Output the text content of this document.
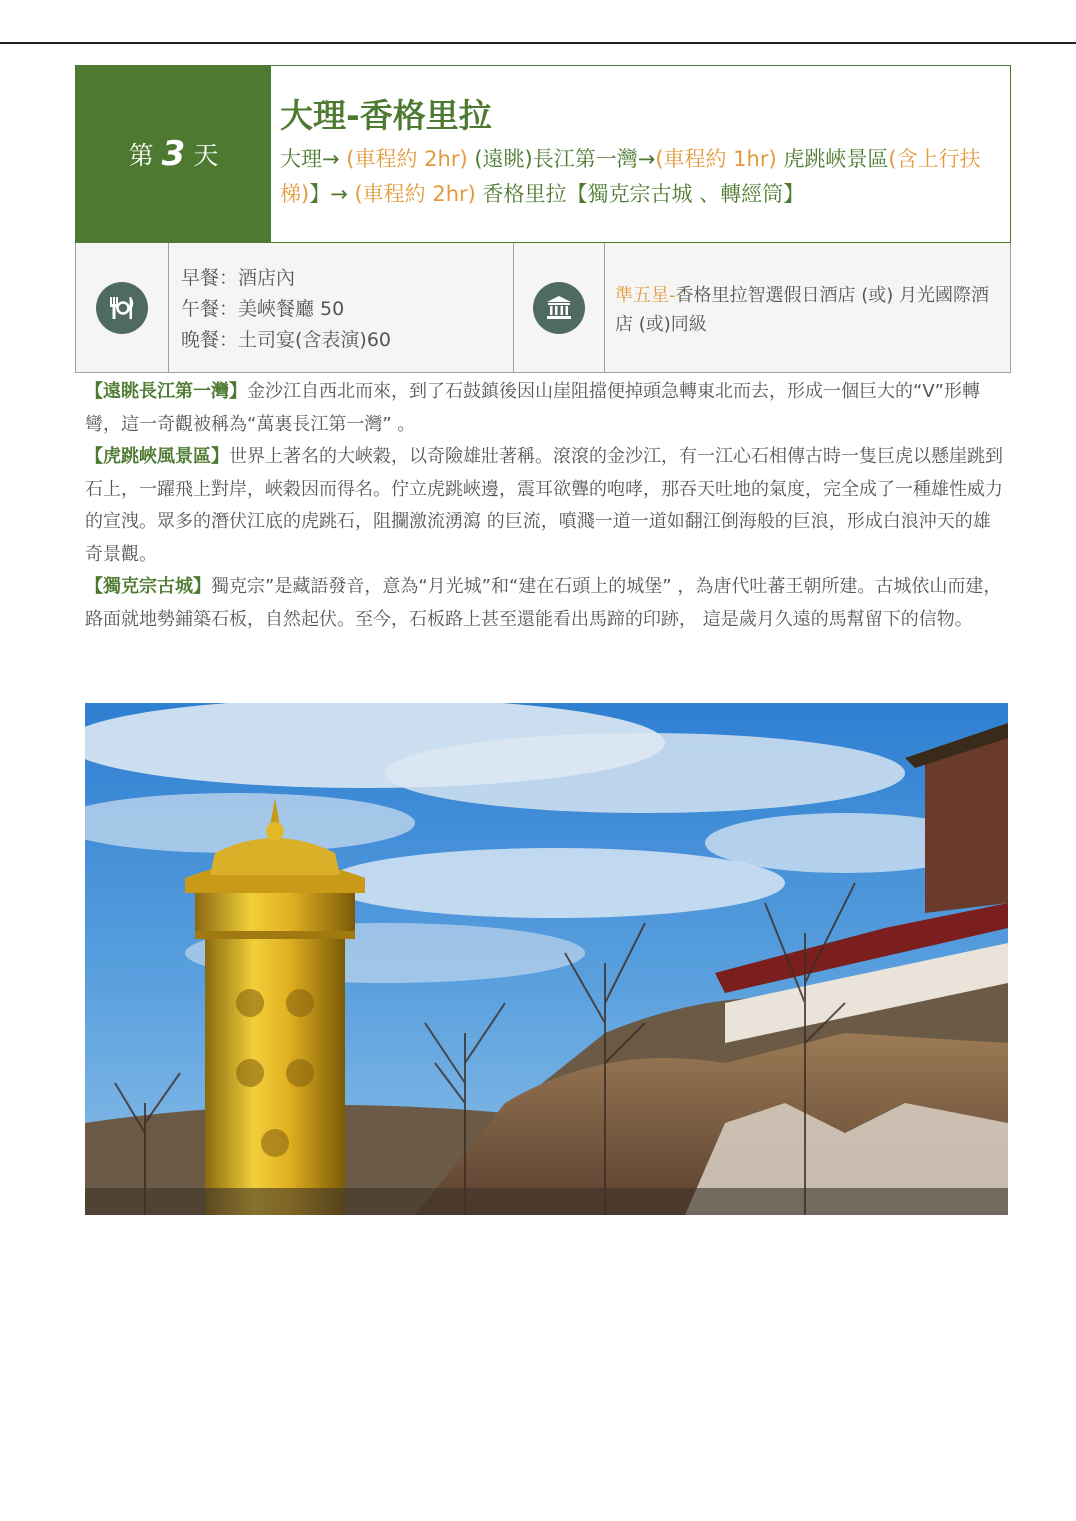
第 3 天
大理-香格里拉
大理→ (車程約 2hr) (遠眺)長江第一灣→(車程約 1hr) 虎跳峽景區(含上行扶梯)】→ (車程約 2hr) 香格里拉【獨克宗古城 、轉經筒】
早餐：酒店內
午餐：美峽餐廳 50
晚餐：土司宴(含表演)60
準五星-香格里拉智選假日酒店 (或) 月光國際酒店 (或)同級

【遠眺長江第一灣】金沙江自西北而來，到了石鼓鎮後因山崖阻擋便掉頭急轉東北而去，形成一個巨大的“V”形轉彎，這一奇觀被稱為“萬裏長江第一灣” 。

【虎跳峽風景區】世界上著名的大峽穀，以奇險雄壯著稱。滾滾的金沙江，有一江心石相傳古時一隻巨虎以懸崖跳到石上，一躍飛上對岸，峽穀因而得名。佇立虎跳峽邊，震耳欲聾的咆哮，那吞天吐地的氣度，完全成了一種雄性威力的宣洩。眾多的潛伏江底的虎跳石，阻攔激流湧瀉 的巨流，噴濺一道一道如翻江倒海般的巨浪，形成白浪沖天的雄奇景觀。

【獨克宗古城】獨克宗”是藏語發音，意為“月光城”和“建在石頭上的城堡” ，為唐代吐蕃王朝所建。古城依山而建，路面就地勢鋪築石板，自然起伏。至今，石板路上甚至還能看出馬蹄的印跡， 這是歲月久遠的馬幫留下的信物。
